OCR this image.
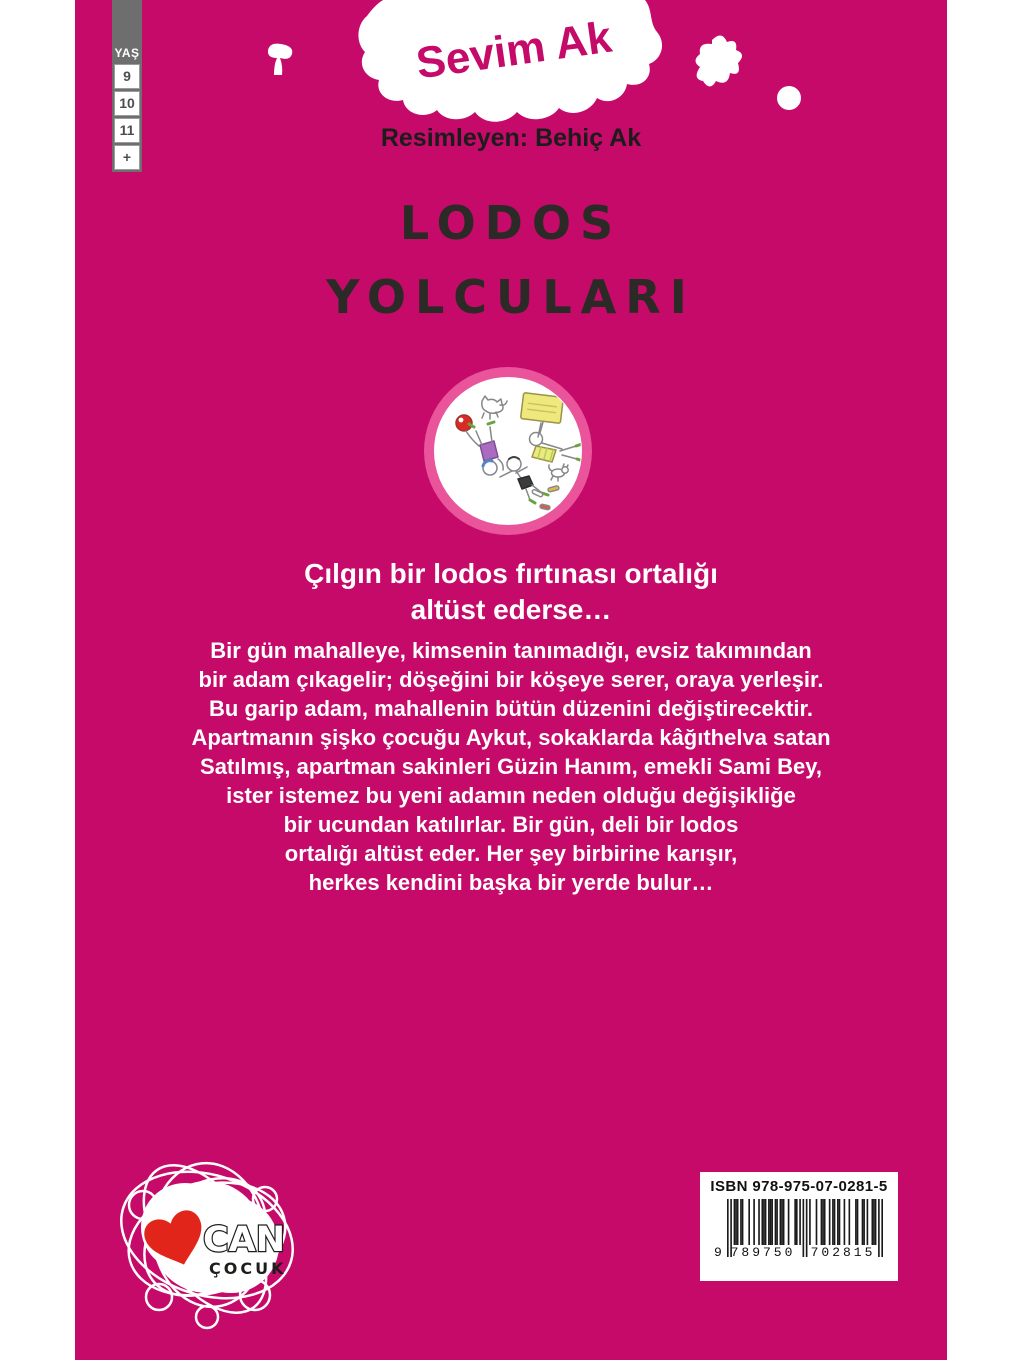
YAŞ
9
10
11
+
Sevim Ak
Resimleyen: Behiç Ak
LODOS
YOLCULARI
Çılgın bir lodos fırtınası ortalığı
altüst ederse…
Bir gün mahalleye, kimsenin tanımadığı, evsiz takımından
bir adam çıkagelir; döşeğini bir köşeye serer, oraya yerleşir.
Bu garip adam, mahallenin bütün düzenini değiştirecektir.
Apartmanın şişko çocuğu Aykut, sokaklarda kâğıthelva satan
Satılmış, apartman sakinleri Güzin Hanım, emekli Sami Bey,
ister istemez bu yeni adamın neden olduğu değişikliğe
bir ucundan katılırlar. Bir gün, deli bir lodos
ortalığı altüst eder. Her şey birbirine karışır,
herkes kendini başka bir yerde bulur…
CAN
ÇOCUK
ISBN 978-975-07-0281-5
9 789750 702815
